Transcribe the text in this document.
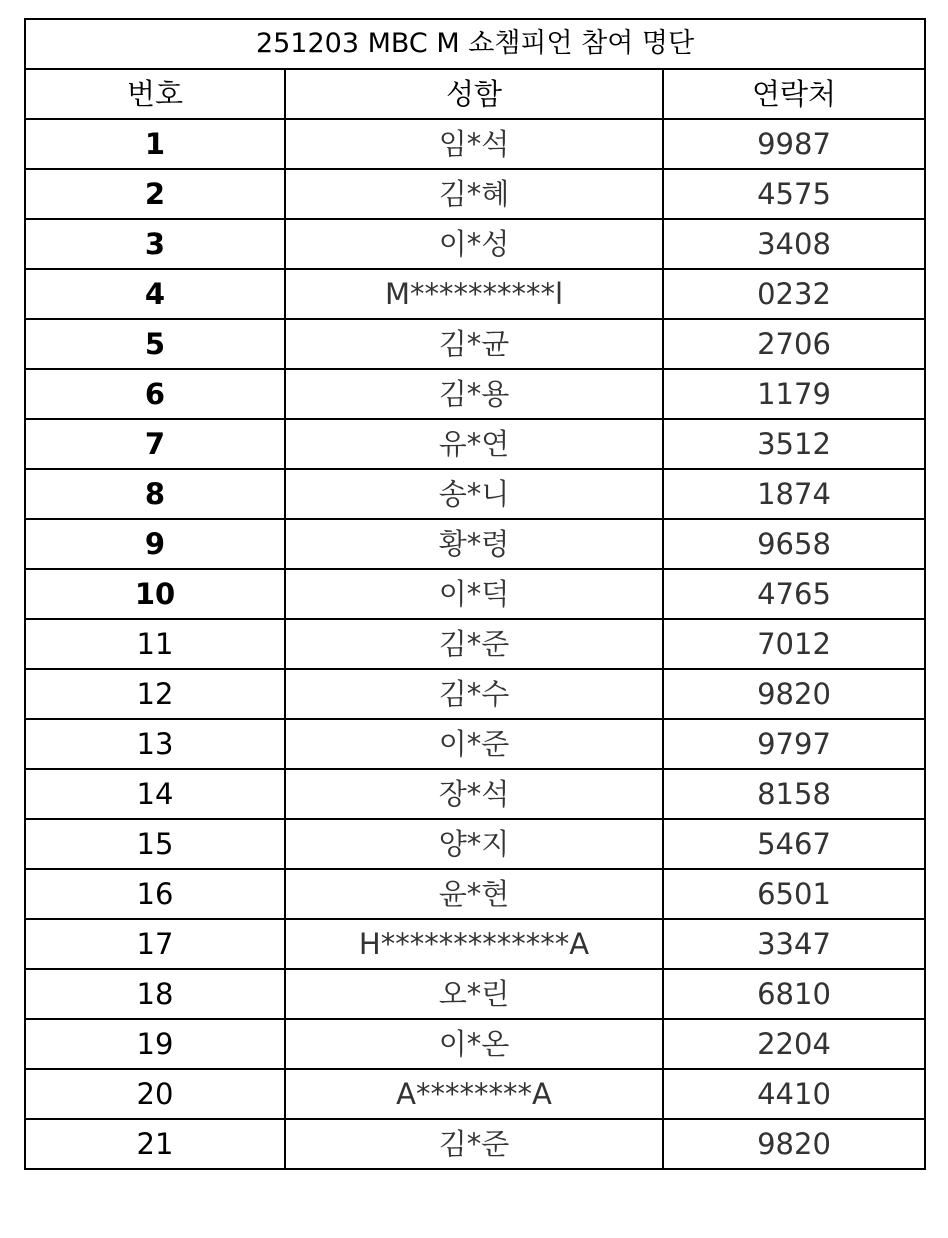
251203 MBC M 쇼챔피언 참여 명단		
번호	성함	연락처
1	임*석	9987
2	김*혜	4575
3	이*성	3408
4	M**********l	0232
5	김*균	2706
6	김*용	1179
7	유*연	3512
8	송*니	1874
9	황*령	9658
10	이*덕	4765
11	김*준	7012
12	김*수	9820
13	이*준	9797
14	장*석	8158
15	양*지	5467
16	윤*현	6501
17	H*************A	3347
18	오*린	6810
19	이*온	2204
20	A********A	4410
21	김*준	9820
